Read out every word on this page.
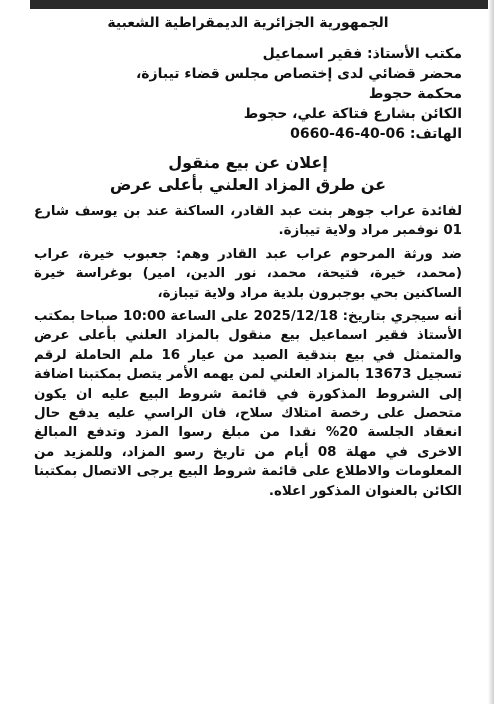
الجمهورية الجزائرية الديمقراطية الشعبية

مكتب الأستاذ: فقير اسماعيل

محضر قضائي لدى إختصاص مجلس قضاء تيبازة،

محكمة حجوط

الكائن بشارع فتاكة علي، حجوط

الهاتف: 06-40-46-0660

إعلان عن بيع منقول

عن طرق المزاد العلني بأعلى عرض

لفائدة عراب جوهر بنت عبد القادر، الساكنة عند بن يوسف شارع 01 نوفمبر مراد ولاية تيبازة.

ضد ورثة المرحوم عراب عبد القادر وهم: جعبوب خيرة، عراب (محمد، خيرة، فتيحة، محمد، نور الدين، امير) بوغراسة خيرة الساكنين بحي بوجبرون بلدية مراد ولاية تيبازة،

أنه سيجري بتاريخ: 2025/12/18 على الساعة 10:00 صباحا بمكتب الأستاذ فقير اسماعيل بيع منقول بالمزاد العلني بأعلى عرض والمتمثل في بيع بندقية الصيد من عيار 16 ملم الحاملة لرقم تسجيل 13673 بالمزاد العلني لمن يهمه الأمر يتصل بمكتبنا اضافة إلى الشروط المذكورة في قائمة شروط البيع عليه ان يكون متحصل على رخصة امتلاك سلاح، فان الراسي عليه يدفع حال انعقاد الجلسة 20% نقدا من مبلغ رسوا المزد وتدفع المبالغ الاخرى في مهلة 08 أيام من تاريخ رسو المزاد، وللمزيد من المعلومات والاطلاع على قائمة شروط البيع يرجى الاتصال بمكتبنا الكائن بالعنوان المذكور اعلاه.
